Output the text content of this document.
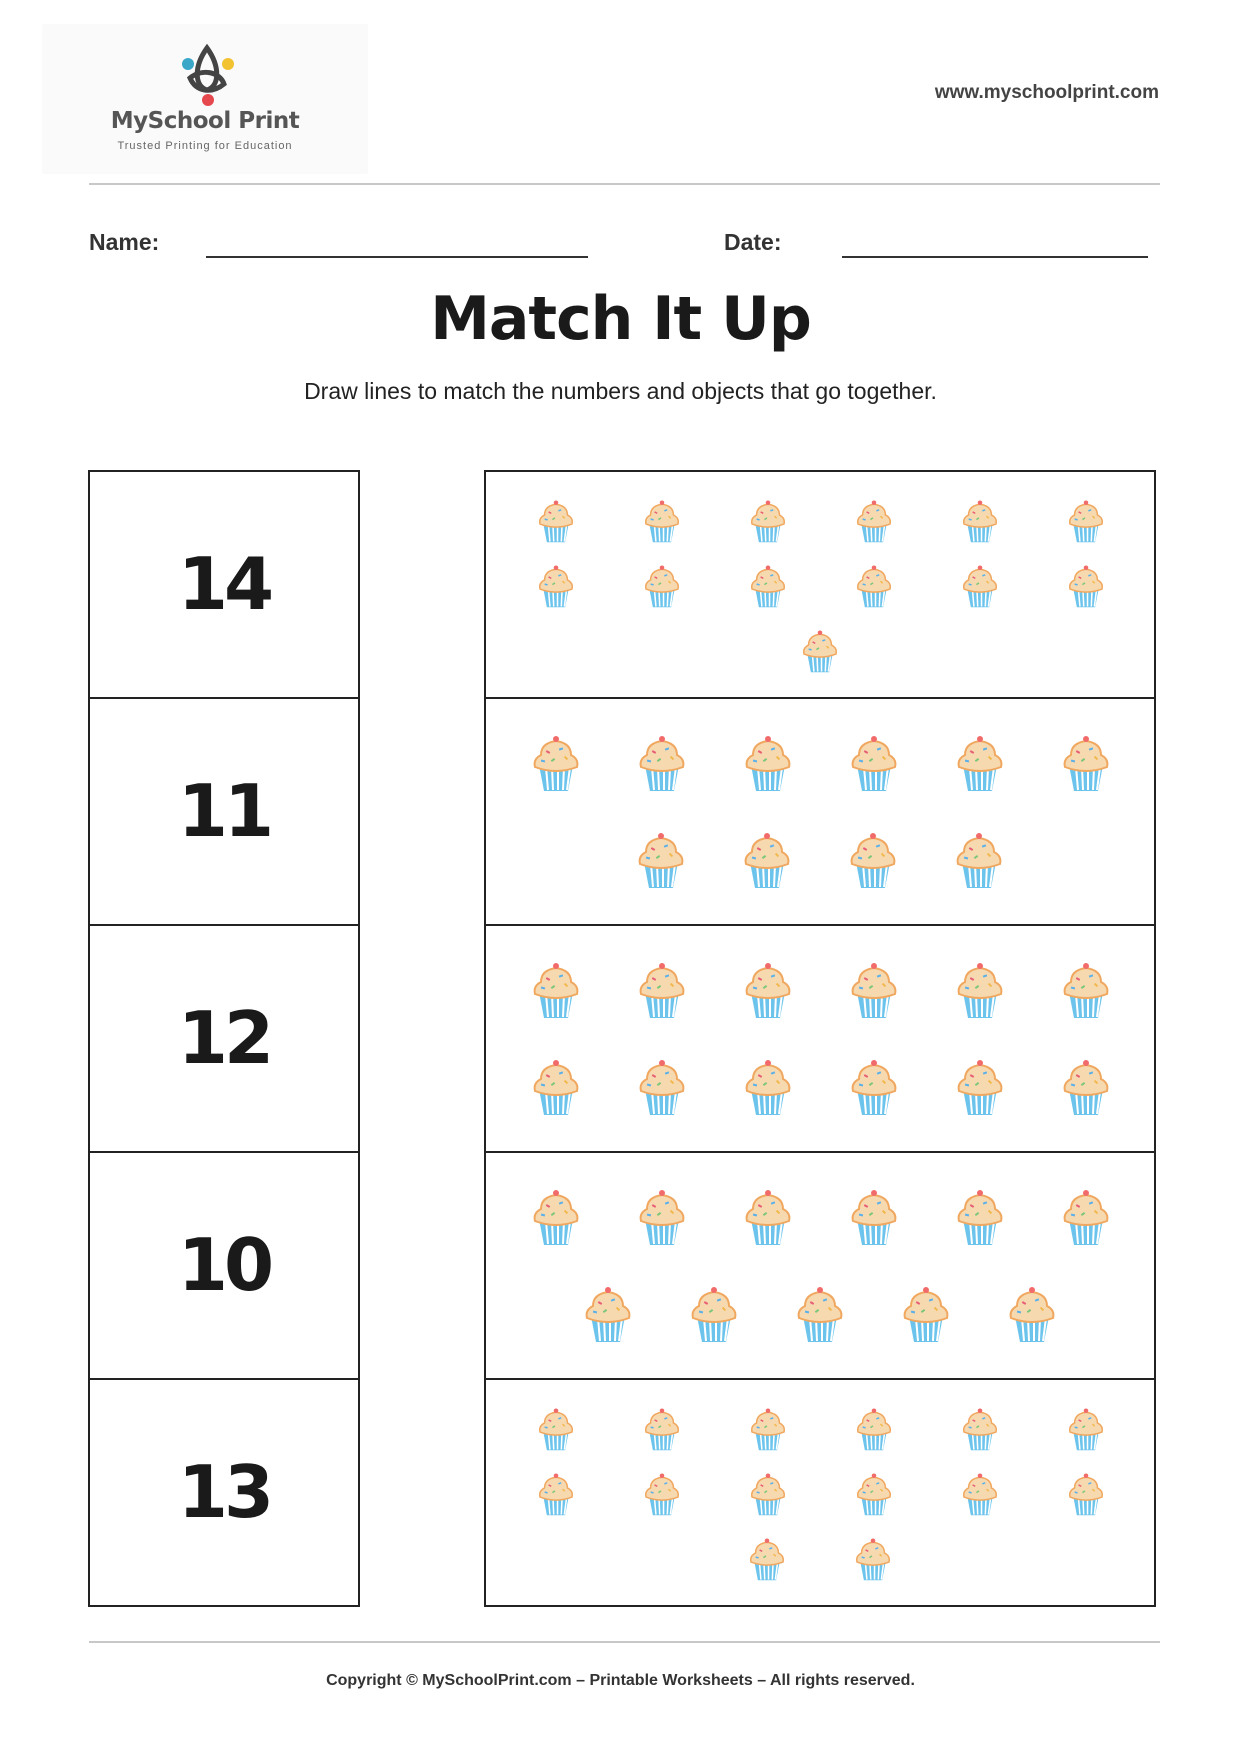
MySchool Print
Trusted Printing for Education
www.myschoolprint.com
Name:	Date:
Match It Up
Draw lines to match the numbers and objects that go together.
14
11
12
10
13
Copyright © MySchoolPrint.com – Printable Worksheets – All rights reserved.
